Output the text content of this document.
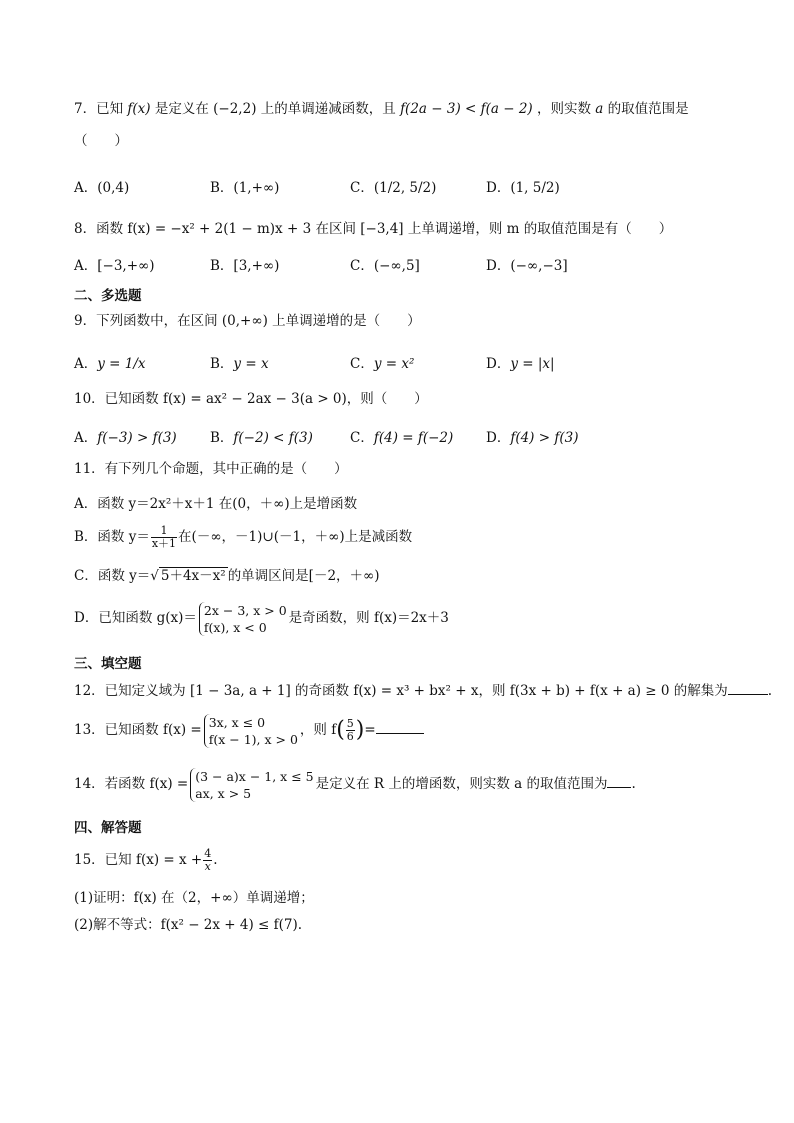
7．已知 f(x) 是定义在 (−2,2) 上的单调递减函数，且 f(2a − 3) < f(a − 2) ，则实数 a 的取值范围是
（　　）
A．(0,4)	B．(1,+∞)	C．(1/2, 5/2)	D．(1, 5/2)
8．函数 f(x) = −x² + 2(1 − m)x + 3 在区间 [−3,4] 上单调递增，则 m 的取值范围是有（　　）
A．[−3,+∞)	B．[3,+∞)	C．(−∞,5]	D．(−∞,−3]
二、多选题
9．下列函数中，在区间 (0,+∞) 上单调递增的是（　　）
A．y = 1/x	B．y = x	C．y = x²	D．y = |x|
10．已知函数 f(x) = ax² − 2ax − 3(a > 0)，则（　　）
A．f(−3) > f(3) B．f(−2) < f(3)	C．f(4) = f(−2) D．f(4) > f(3)
11．有下列几个命题，其中正确的是（　　）
A．函数 y＝2x²＋x＋1 在(0，＋∞)上是增函数
B．函数 $y= \frac{1}{x+1}$ 在(－∞，－1)∪(－1，＋∞)上是减函数
C．函数 y＝√ 5＋4x－x² 的单调区间是[－2，＋∞)
D．已知函数 g(x)＝ 2x − 3, x > 0
f(x), x < 0
是奇函数，则 f(x)＝2x＋3
三、填空题
12．已知定义域为 [1 − 3a, a + 1] 的奇函数 f(x) = x³ + bx² + x，则 f(3x + b) + f(x + a) ≥ 0 的解集为	.
13．已知函数 f(x) = 3x, x ≤ 0
f(x − 1), x > 0
，则 $f( \frac{5}{6}$ )=
14．若函数 f(x) = (3 − a)x − 1, x ≤ 5
ax, x > 5
是定义在 R 上的增函数，则实数 a 的取值范围为 .
四、解答题
15．已知 $f(x) = x + \frac{4}{x}$ .
(1)证明：f(x) 在（2，+∞）单调递增；
(2)解不等式：f(x² − 2x + 4) ≤ f(7).
